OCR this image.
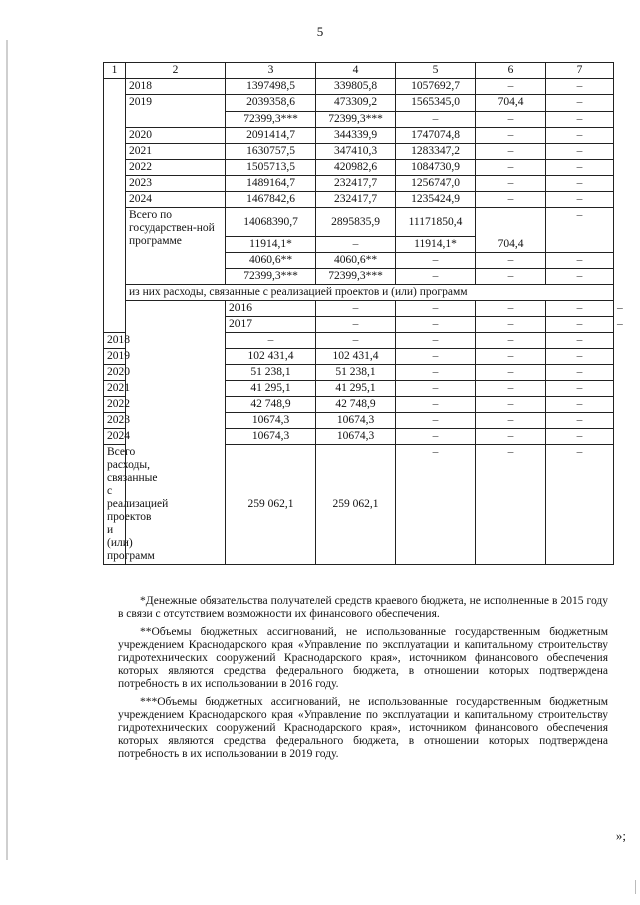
5
1	2	3	4	5	6	7	
	2018	1397498,5	339805,8	1057692,7	–	–	
	2019	2039358,6	473309,2	1565345,0	704,4	–	
		72399,3***	72399,3***	–	–	–	
	2020	2091414,7	344339,9	1747074,8	–	–	
	2021	1630757,5	347410,3	1283347,2	–	–	
	2022	1505713,5	420982,6	1084730,9	–	–	
	2023	1489164,7	232417,7	1256747,0	–	–	
	2024	1467842,6	232417,7	1235424,9	–	–	
	Всего по государствен-ной программе	14068390,7	2895835,9	11171850,4	704,4	–	
		11914,1*	–	11914,1*			
		4060,6**	4060,6**	–	–	–	
		72399,3***	72399,3***	–	–	–	
	из них расходы, связанные с реализацией проектов и (или) программ						
		2016	–	–	–	–	–
		2017	–	–	–	–	–
2018		–	–	–	–	–	
2019		102 431,4	102 431,4	–	–	–	
2020		51 238,1	51 238,1	–	–	–	
2021		41 295,1	41 295,1	–	–	–	
2022		42 748,9	42 748,9	–	–	–	
2023		10674,3	10674,3	–	–	–	
2024		10674,3	10674,3	–	–	–	
Всего расходы, связанные с реализацией проектов и (или) программ		259 062,1	259 062,1	–	–	–	

*Денежные обязательства получателей средств краевого бюджета, не исполненные в 2015 году в связи с отсутствием возможности их финансового обеспечения.

**Объемы бюджетных ассигнований, не использованные государственным бюджетным учреждением Краснодарского края «Управление по эксплуатации и капитальному строительству гидротехнических сооружений Краснодарского края», источником финансового обеспечения которых являются средства федерального бюджета, в отношении которых подтверждена потребность в их использовании в 2016 году.

***Объемы бюджетных ассигнований, не использованные государственным бюджетным учреждением Краснодарского края «Управление по эксплуатации и капитальному строительству гидротехнических сооружений Краснодарского края», источником финансового обеспечения которых являются средства федерального бюджета, в отношении которых подтверждена потребность в их использовании в 2019 году.

»;
